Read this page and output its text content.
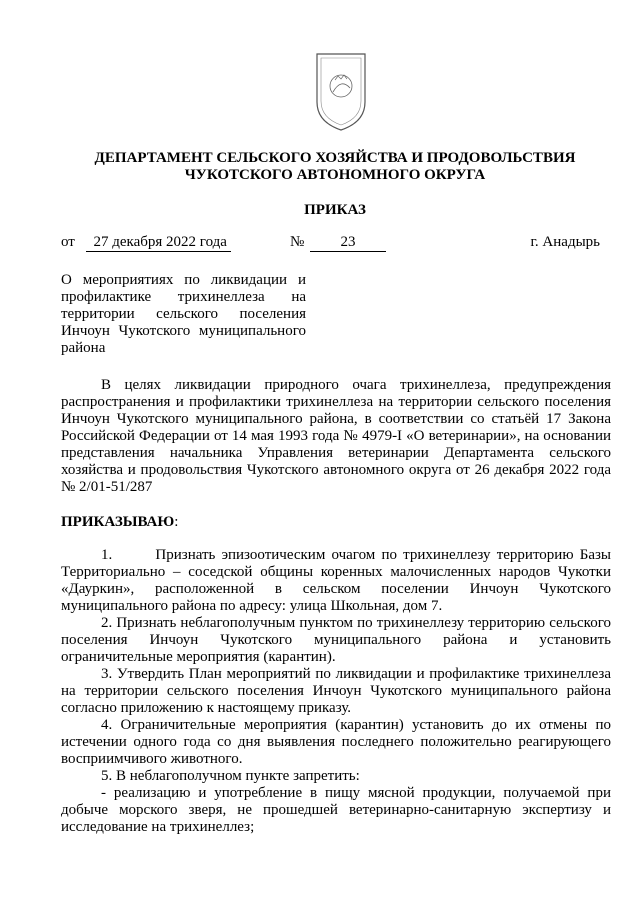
ДЕПАРТАМЕНТ СЕЛЬСКОГО ХОЗЯЙСТВА И ПРОДОВОЛЬСТВИЯ
ЧУКОТСКОГО АВТОНОМНОГО ОКРУГА
ПРИКАЗ
от	27 декабря 2022 года	№	23	г. Анадырь
О мероприятиях по ликвидации и профилактике трихинеллеза на территории сельского поселения Инчоун Чукотского муниципального района

В целях ликвидации природного очага трихинеллеза, предупреждения распространения и профилактики трихинеллеза на территории сельского поселения Инчоун Чукотского муниципального района, в соответствии со статьёй 17 Закона Российской Федерации от 14 мая 1993 года № 4979-I «О ветеринарии», на основании представления начальника Управления ветеринарии Департамента сельского хозяйства и продовольствия Чукотского автономного округа от 26 декабря 2022 года № 2/01-51/287

ПРИКАЗЫВАЮ:

1.       Признать эпизоотическим очагом по трихинеллезу территорию Базы Территориально – соседской общины коренных малочисленных народов Чукотки «Дауркин», расположенной в сельском поселении Инчоун Чукотского муниципального района по адресу: улица Школьная, дом 7.

2. Признать неблагополучным пунктом по трихинеллезу территорию сельского поселения Инчоун Чукотского муниципального района и установить ограничительные мероприятия (карантин).

3. Утвердить План мероприятий по ликвидации и профилактике трихинеллеза на территории сельского поселения Инчоун Чукотского муниципального района согласно приложению к настоящему приказу.

4. Ограничительные мероприятия (карантин) установить до их отмены по истечении одного года со дня выявления последнего положительно реагирующего восприимчивого животного.

5. В неблагополучном пункте запретить:

- реализацию и употребление в пищу мясной продукции, получаемой при добыче морского зверя, не прошедшей ветеринарно-санитарную экспертизу и исследование на трихинеллез;
